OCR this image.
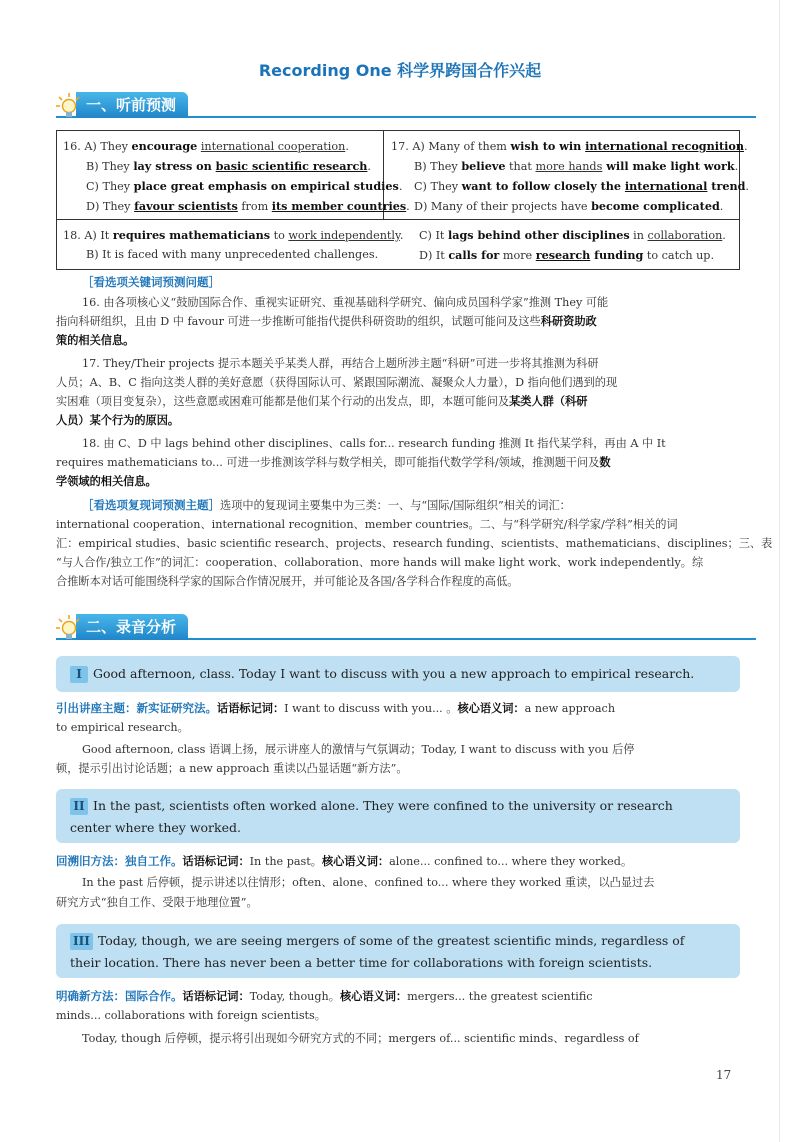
Recording One 科学界跨国合作兴起
一、听前预测
16. A) They encourage international cooperation.
B) They lay stress on basic scientific research.
C) They place great emphasis on empirical studies.
D) They favour scientists from its member countries.
17. A) Many of them wish to win international recognition.
B) They believe that more hands will make light work.
C) They want to follow closely the international trend.
D) Many of their projects have become complicated.
18. A) It requires mathematicians to work independently.
B) It is faced with many unprecedented challenges.
C) It lags behind other disciplines in collaboration.
D) It calls for more research funding to catch up.
［看选项关键词预测问题］
16. 由各项核心义“鼓励国际合作、重视实证研究、重视基础科学研究、偏向成员国科学家”推测 They 可能
指向科研组织，且由 D 中 favour 可进一步推断可能指代提供科研资助的组织，试题可能问及这些科研资助政
策的相关信息。
17. They/Their projects 提示本题关乎某类人群，再结合上题所涉主题“科研”可进一步将其推测为科研
人员；A、B、C 指向这类人群的美好意愿（获得国际认可、紧跟国际潮流、凝聚众人力量），D 指向他们遇到的现
实困难（项目变复杂），这些意愿或困难可能都是他们某个行动的出发点，即，本题可能问及某类人群（科研
人员）某个行为的原因。
18. 由 C、D 中 lags behind other disciplines、calls for... research funding 推测 It 指代某学科，再由 A 中 It
requires mathematicians to... 可进一步推测该学科与数学相关，即可能指代数学学科/领域，推测题干问及数
学领域的相关信息。
［看选项复现词预测主题］选项中的复现词主要集中为三类：一、与“国际/国际组织”相关的词汇：
international cooperation、international recognition、member countries。二、与“科学研究/科学家/学科”相关的词
汇：empirical studies、basic scientific research、projects、research funding、scientists、mathematicians、disciplines；三、表
“与人合作/独立工作”的词汇：cooperation、collaboration、more hands will make light work、work independently。综
合推断本对话可能围绕科学家的国际合作情况展开，并可能论及各国/各学科合作程度的高低。
二、录音分析
I Good afternoon, class. Today I want to discuss with you a new approach to empirical research.
引出讲座主题：新实证研究法。话语标记词：I want to discuss with you... 。核心语义词：a new approach
to empirical research。
Good afternoon, class 语调上扬，展示讲座人的激情与气氛调动；Today, I want to discuss with you 后停
顿，提示引出讨论话题；a new approach 重读以凸显话题“新方法”。
II In the past, scientists often worked alone. They were confined to the university or research
center where they worked.
回溯旧方法：独自工作。话语标记词：In the past。核心语义词：alone... confined to... where they worked。
In the past 后停顿，提示讲述以往情形；often、alone、confined to... where they worked 重读，以凸显过去
研究方式“独自工作、受限于地理位置”。
III Today, though, we are seeing mergers of some of the greatest scientific minds, regardless of
their location. There has never been a better time for collaborations with foreign scientists.
明确新方法：国际合作。话语标记词：Today, though。核心语义词：mergers... the greatest scientific
minds... collaborations with foreign scientists。
Today, though 后停顿，提示将引出现如今研究方式的不同；mergers of... scientific minds、regardless of
17
